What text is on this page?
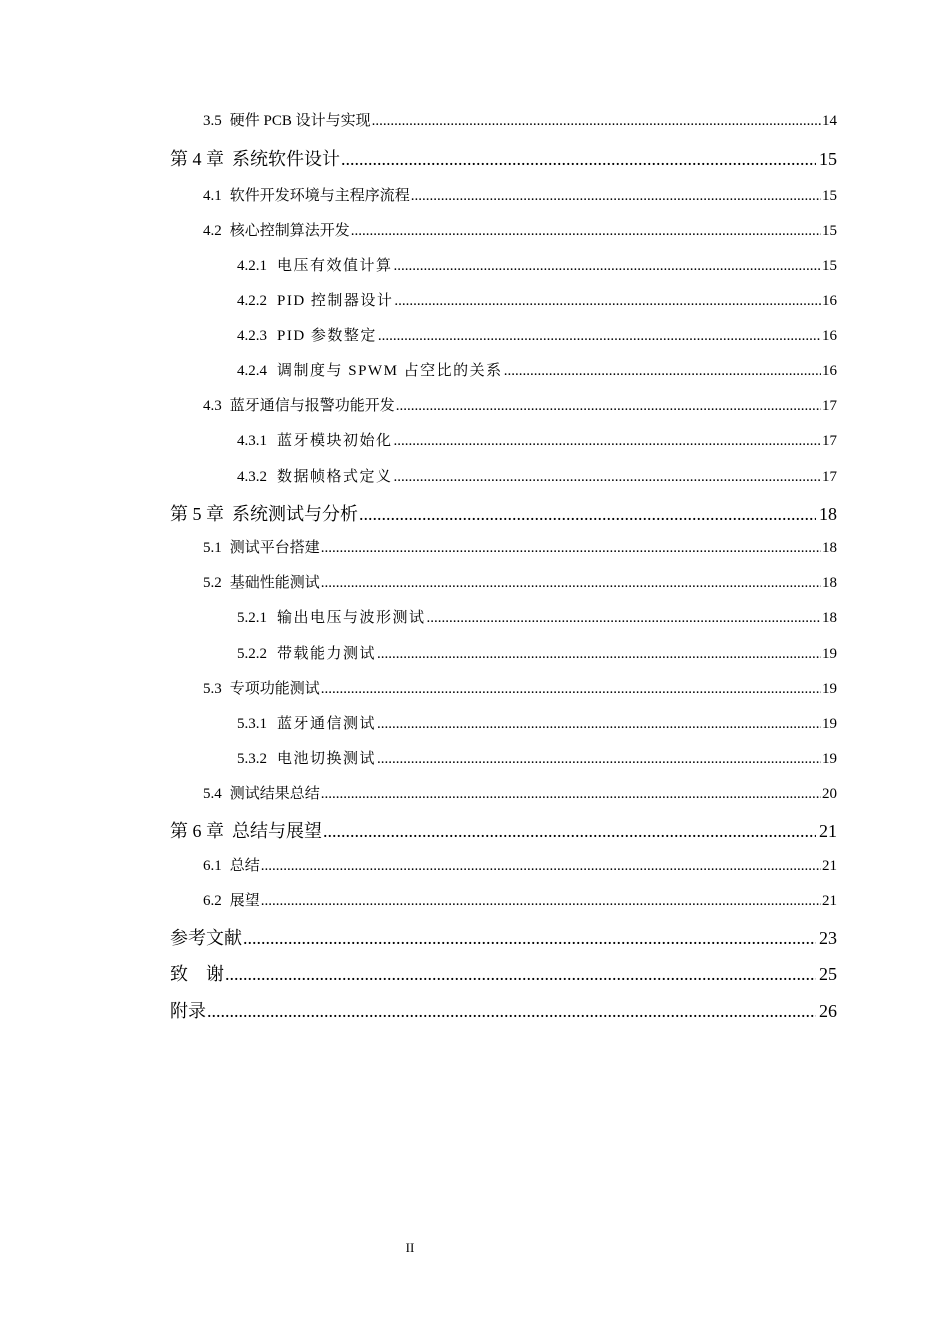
3.5 硬件 PCB 设计与实现 .....	14
第 4 章 系统软件设计 .....	15
4.1 软件开发环境与主程序流程 .....	15
4.2 核心控制算法开发 .....	15
4.2.1 电压有效值计算 .....	15
4.2.2 PID 控制器设计 .....	16
4.2.3 PID 参数整定 .....	16
4.2.4 调制度与 SPWM 占空比的关系 .....	16
4.3 蓝牙通信与报警功能开发 .....	17
4.3.1 蓝牙模块初始化 .....	17
4.3.2 数据帧格式定义 .....	17
第 5 章 系统测试与分析 .....	18
5.1 测试平台搭建 .....	18
5.2 基础性能测试 .....	18
5.2.1 输出电压与波形测试 .....	18
5.2.2 带载能力测试 .....	19
5.3 专项功能测试 .....	19
5.3.1 蓝牙通信测试 .....	19
5.3.2 电池切换测试 .....	19
5.4 测试结果总结 .....	20
第 6 章 总结与展望 .....	21
6.1 总结 .....	21
6.2 展望 .....	21
参考文献 .....	23
致　谢 .....	25
附录 .....	26
II
